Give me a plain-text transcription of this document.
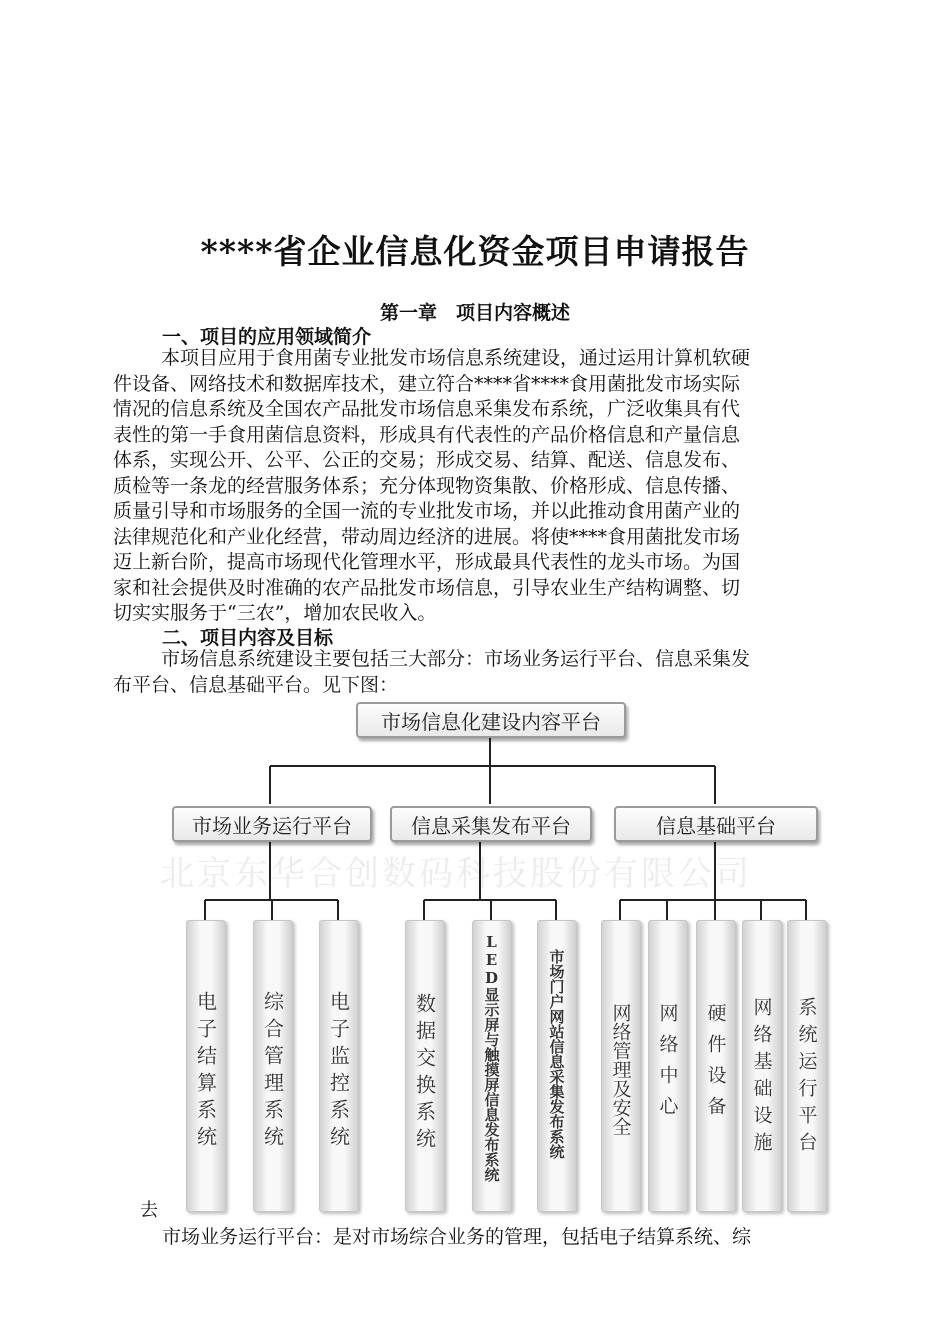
****省企业信息化资金项目申请报告
第一章　项目内容概述
一、项目的应用领域简介
本项目应用于食用菌专业批发市场信息系统建设，通过运用计算机软硬
件设备、网络技术和数据库技术，建立符合****省****食用菌批发市场实际
情况的信息系统及全国农产品批发市场信息采集发布系统，广泛收集具有代
表性的第一手食用菌信息资料，形成具有代表性的产品价格信息和产量信息
体系，实现公开、公平、公正的交易；形成交易、结算、配送、信息发布、
质检等一条龙的经营服务体系；充分体现物资集散、价格形成、信息传播、
质量引导和市场服务的全国一流的专业批发市场，并以此推动食用菌产业的
法律规范化和产业化经营，带动周边经济的进展。将使****食用菌批发市场
迈上新台阶，提高市场现代化管理水平，形成最具代表性的龙头市场。为国
家和社会提供及时准确的农产品批发市场信息，引导农业生产结构调整、切
切实实服务于“三农”，增加农民收入。
二、项目内容及目标
市场信息系统建设主要包括三大部分：市场业务运行平台、信息采集发
布平台、信息基础平台。见下图：
北京东华合创数码科技股份有限公司
市场信息化建设内容平台
市场业务运行平台	信息采集发布平台	信息基础平台
电子结算系统 综合管理系统 电子监控系统	数据交换系统	LED显示屏与触摸屏信息发布系统	市场门户网站信息采集发布系统 网络管理及安全 网络中心 硬件设备 网络基础设施 系统运行平台
去
市场业务运行平台：是对市场综合业务的管理，包括电子结算系统、综
